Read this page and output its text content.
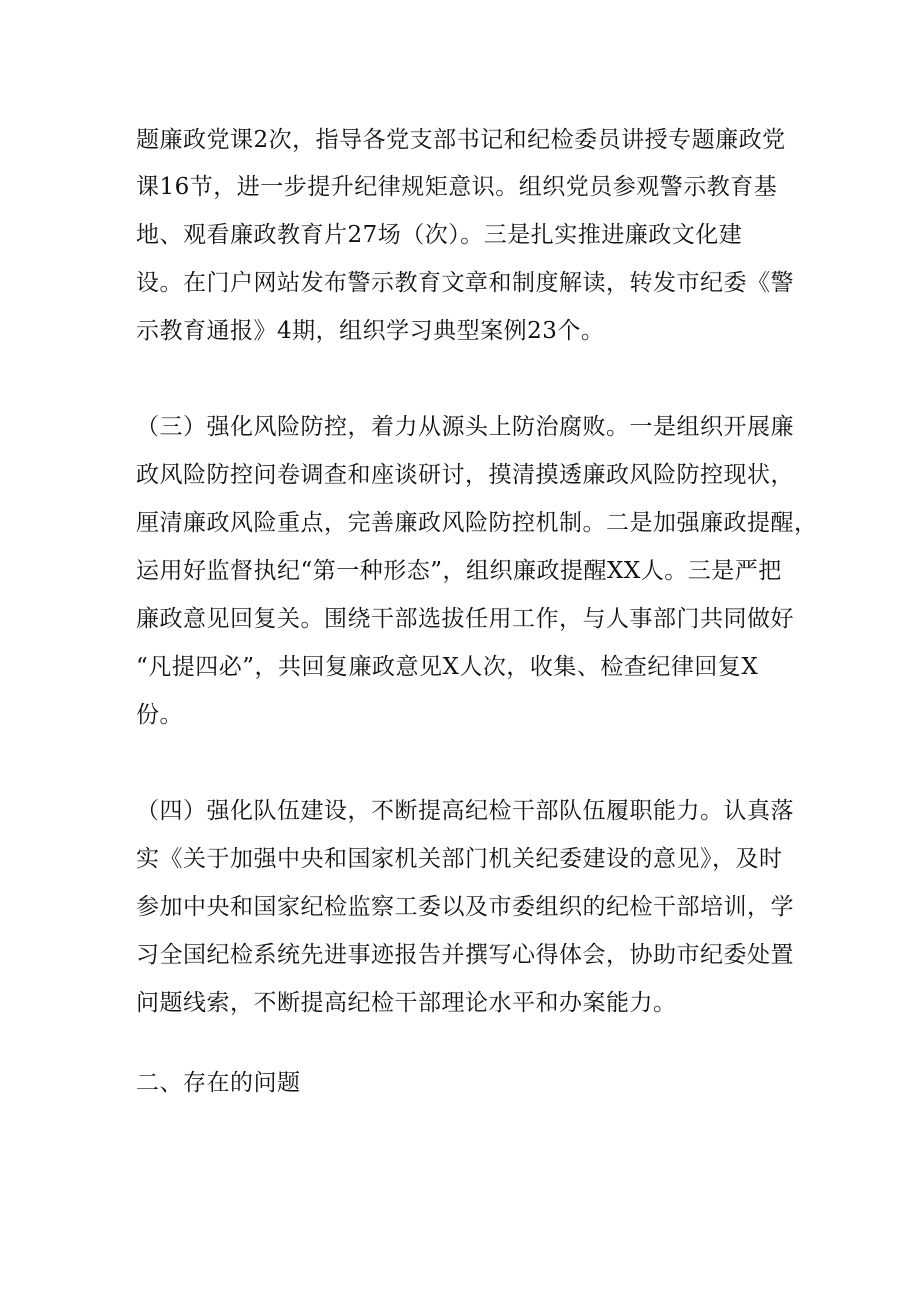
题廉政党课2次，指导各党支部书记和纪检委员讲授专题廉政党
课16节，进一步提升纪律规矩意识。组织党员参观警示教育基
地、观看廉政教育片27场（次）。三是扎实推进廉政文化建
设。在门户网站发布警示教育文章和制度解读，转发市纪委《警
示教育通报》4期，组织学习典型案例23个。
（三）强化风险防控，着力从源头上防治腐败。一是组织开展廉
政风险防控问卷调查和座谈研讨，摸清摸透廉政风险防控现状，
厘清廉政风险重点，完善廉政风险防控机制。二是加强廉政提醒，
运用好监督执纪“第一种形态”，组织廉政提醒XX人。三是严把
廉政意见回复关。围绕干部选拔任用工作，与人事部门共同做好
“凡提四必”，共回复廉政意见X人次，收集、检查纪律回复X
份。
（四）强化队伍建设，不断提高纪检干部队伍履职能力。认真落
实《关于加强中央和国家机关部门机关纪委建设的意见》，及时
参加中央和国家纪检监察工委以及市委组织的纪检干部培训，学
习全国纪检系统先进事迹报告并撰写心得体会，协助市纪委处置
问题线索，不断提高纪检干部理论水平和办案能力。
二、存在的问题
